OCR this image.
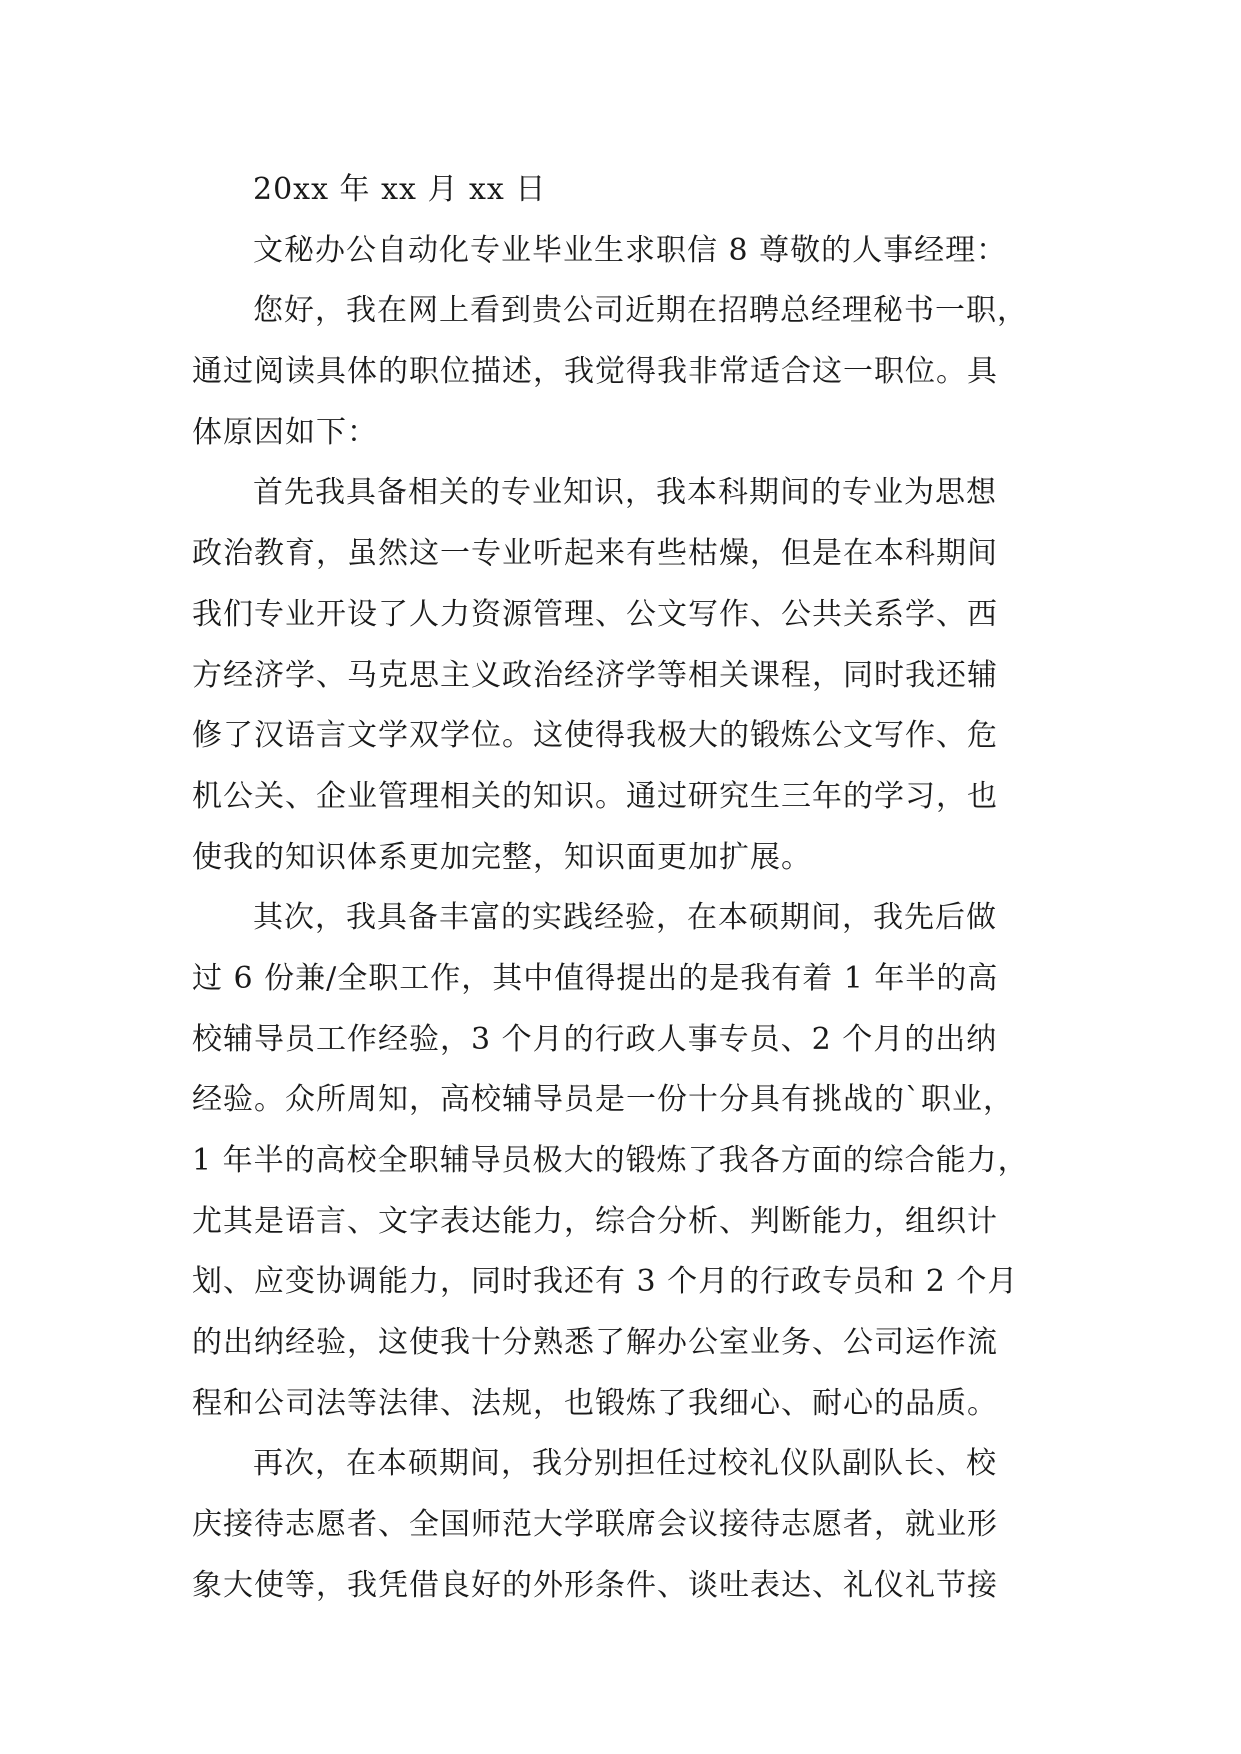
20xx 年 xx 月 xx 日
文秘办公自动化专业毕业生求职信 8 尊敬的人事经理：
您好，我在网上看到贵公司近期在招聘总经理秘书一职，
通过阅读具体的职位描述，我觉得我非常适合这一职位。具
体原因如下：
首先我具备相关的专业知识，我本科期间的专业为思想
政治教育，虽然这一专业听起来有些枯燥，但是在本科期间
我们专业开设了人力资源管理、公文写作、公共关系学、西
方经济学、马克思主义政治经济学等相关课程，同时我还辅
修了汉语言文学双学位。这使得我极大的锻炼公文写作、危
机公关、企业管理相关的知识。通过研究生三年的学习，也
使我的知识体系更加完整，知识面更加扩展。
其次，我具备丰富的实践经验，在本硕期间，我先后做
过 6 份兼/全职工作，其中值得提出的是我有着 1 年半的高
校辅导员工作经验，3 个月的行政人事专员、2 个月的出纳
经验。众所周知，高校辅导员是一份十分具有挑战的`职业，
1 年半的高校全职辅导员极大的锻炼了我各方面的综合能力，
尤其是语言、文字表达能力，综合分析、判断能力，组织计
划、应变协调能力，同时我还有 3 个月的行政专员和 2 个月
的出纳经验，这使我十分熟悉了解办公室业务、公司运作流
程和公司法等法律、法规，也锻炼了我细心、耐心的品质。
再次，在本硕期间，我分别担任过校礼仪队副队长、校
庆接待志愿者、全国师范大学联席会议接待志愿者，就业形
象大使等，我凭借良好的外形条件、谈吐表达、礼仪礼节接
